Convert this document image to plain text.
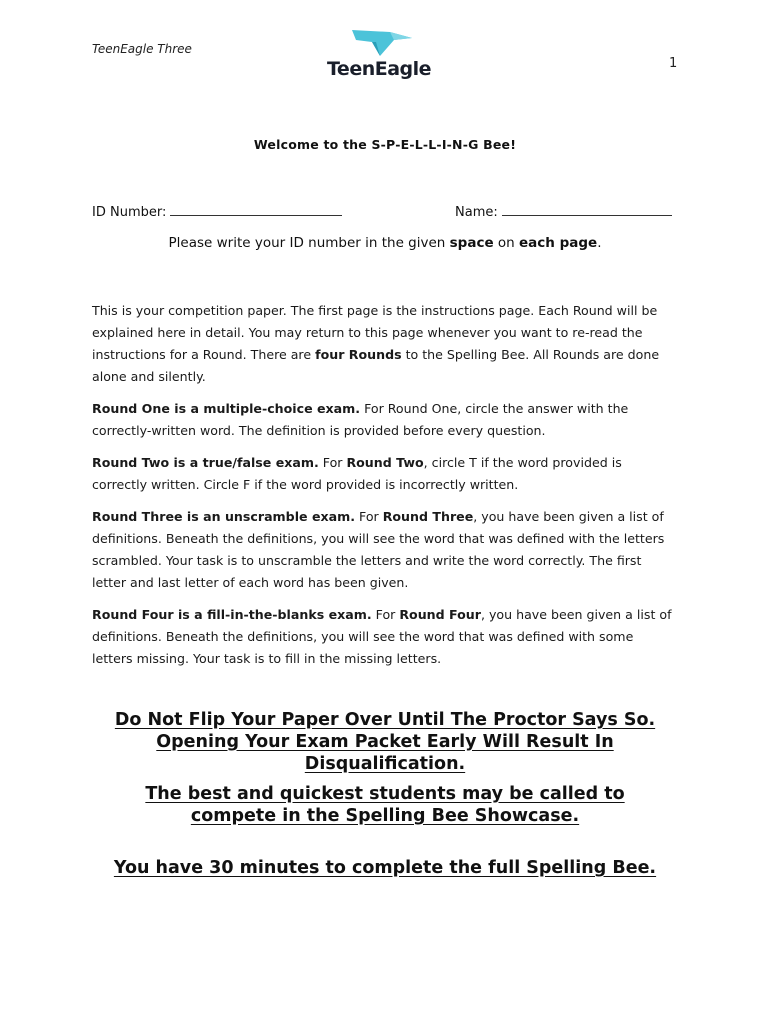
TeenEagle Three
TeenEagle	1
Welcome to the S-P-E-L-L-I-N-G Bee!
ID Number:	Name:
Please write your ID number in the given space on each page.

This is your competition paper. The first page is the instructions page. Each Round will be explained here in detail. You may return to this page whenever you want to re-read the instructions for a Round. There are four Rounds to the Spelling Bee. All Rounds are done alone and silently.

Round One is a multiple-choice exam. For Round One, circle the answer with the correctly-written word. The definition is provided before every question.

Round Two is a true/false exam. For Round Two, circle T if the word provided is correctly written. Circle F if the word provided is incorrectly written.

Round Three is an unscramble exam. For Round Three, you have been given a list of definitions. Beneath the definitions, you will see the word that was defined with the letters scrambled. Your task is to unscramble the letters and write the word correctly. The first letter and last letter of each word has been given.

Round Four is a fill-in-the-blanks exam. For Round Four, you have been given a list of definitions. Beneath the definitions, you will see the word that was defined with some letters missing. Your task is to fill in the missing letters.

Do Not Flip Your Paper Over Until The Proctor Says So.
Opening Your Exam Packet Early Will Result In
Disqualification.
The best and quickest students may be called to
compete in the Spelling Bee Showcase.
You have 30 minutes to complete the full Spelling Bee.
